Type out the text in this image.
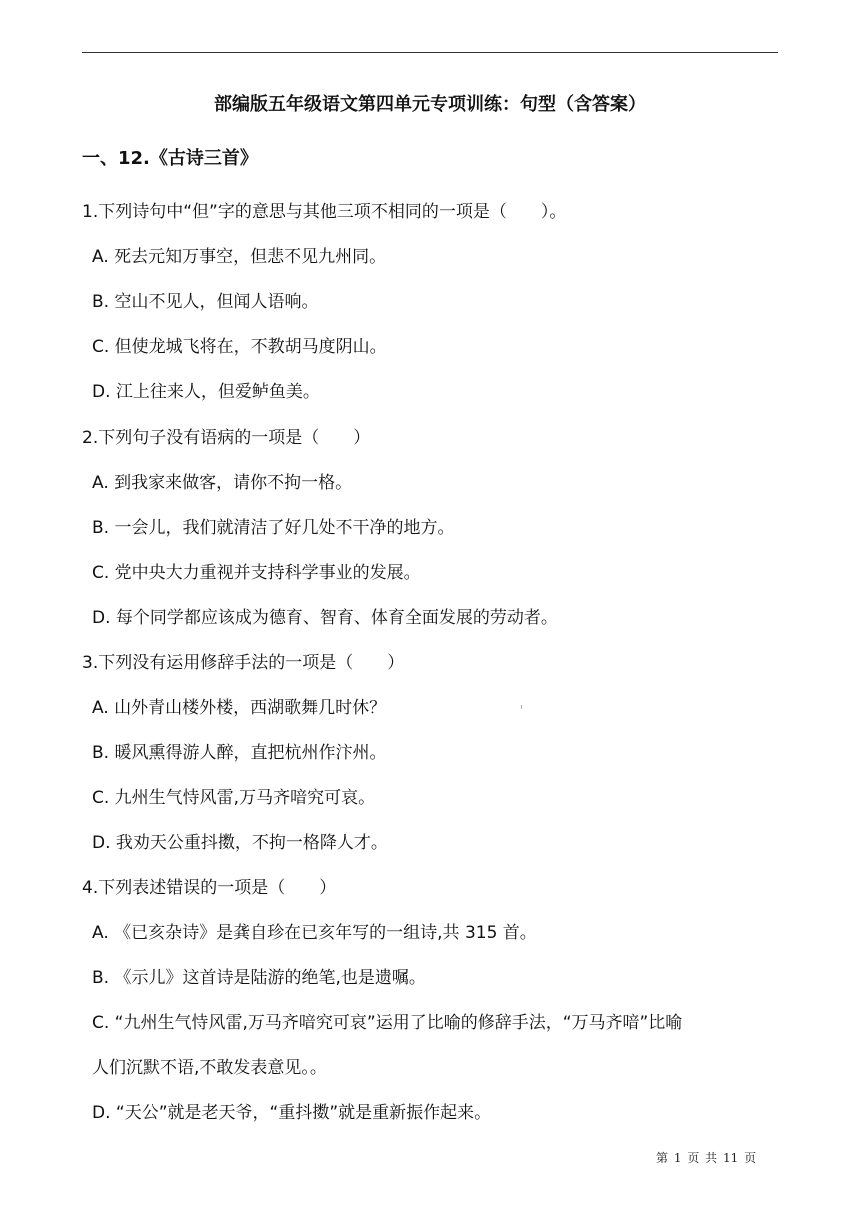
部编版五年级语文第四单元专项训练：句型（含答案）
一、12.《古诗三首》
1.下列诗句中“但”字的意思与其他三项不相同的一项是（　　）。
A. 死去元知万事空，但悲不见九州同。
B. 空山不见人，但闻人语响。
C. 但使龙城飞将在，不教胡马度阴山。
D. 江上往来人，但爱鲈鱼美。
2.下列句子没有语病的一项是（　　）
A. 到我家来做客，请你不拘一格。
B. 一会儿，我们就清洁了好几处不干净的地方。
C. 党中央大力重视并支持科学事业的发展。
D. 每个同学都应该成为德育、智育、体育全面发展的劳动者。
3.下列没有运用修辞手法的一项是（　　）
A. 山外青山楼外楼，西湖歌舞几时休？
B. 暖风熏得游人醉，直把杭州作汴州。
C. 九州生气恃风雷,万马齐喑究可哀。
D. 我劝天公重抖擞，不拘一格降人才。
4.下列表述错误的一项是（　　）
A. 《已亥杂诗》是龚自珍在已亥年写的一组诗,共 315 首。
B. 《示儿》这首诗是陆游的绝笔,也是遗嘱。
C. “九州生气恃风雷,万马齐喑究可哀”运用了比喻的修辞手法，“万马齐喑”比喻
人们沉默不语,不敢发表意见。。
D. “天公”就是老天爷，“重抖擞”就是重新振作起来。
第 1 页 共 11 页
